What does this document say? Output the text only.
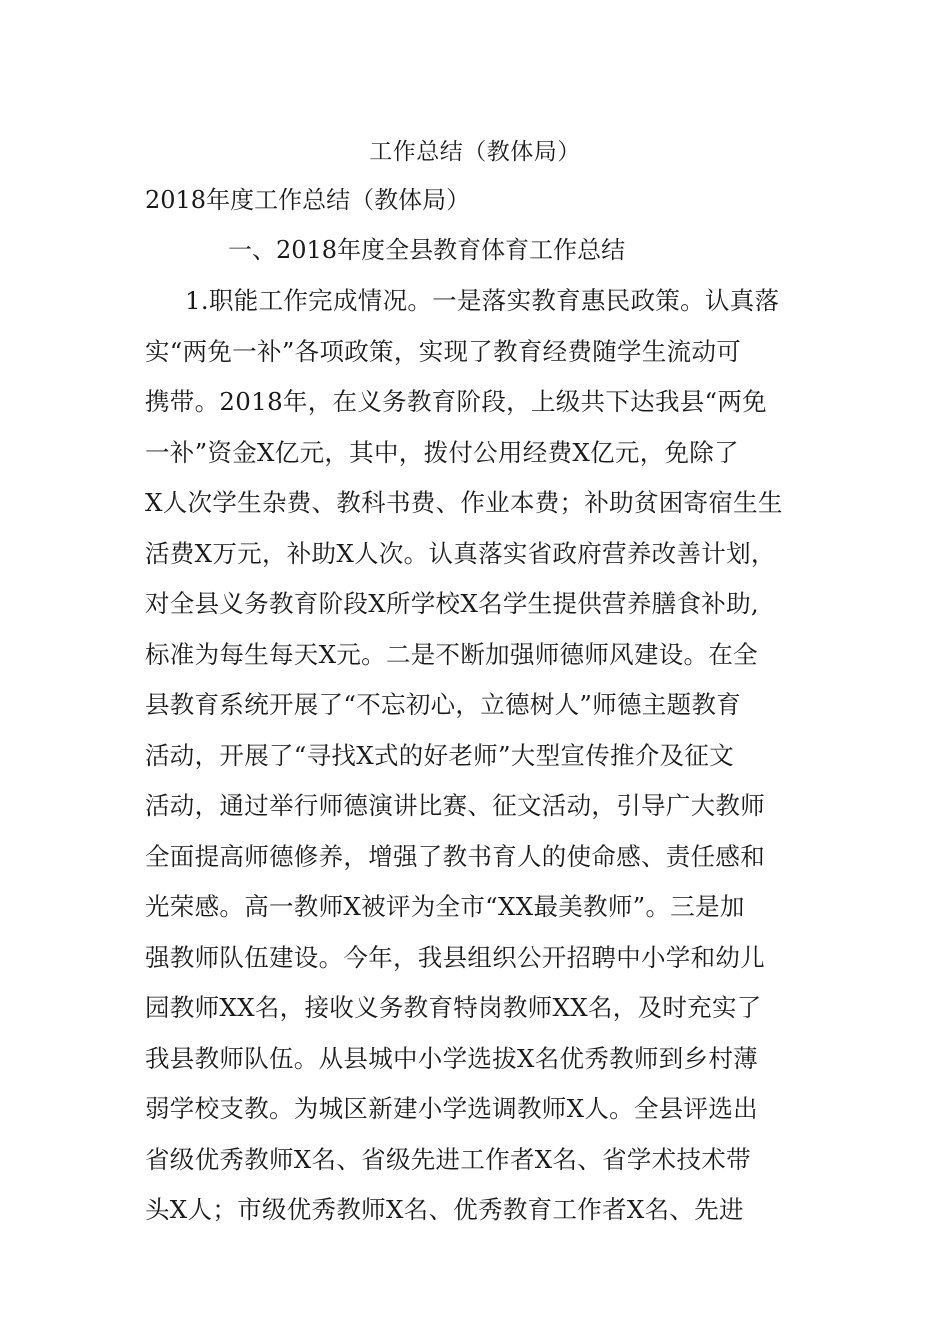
工作总结（教体局）
2018年度工作总结（教体局）
一、2018年度全县教育体育工作总结
1.职能工作完成情况。一是落实教育惠民政策。认真落
实“两免一补”各项政策，实现了教育经费随学生流动可
携带。2018年，在义务教育阶段，上级共下达我县“两免
一补”资金X亿元，其中，拨付公用经费X亿元，免除了
X人次学生杂费、教科书费、作业本费；补助贫困寄宿生生
活费X万元，补助X人次。认真落实省政府营养改善计划，
对全县义务教育阶段X所学校X名学生提供营养膳食补助,
标准为每生每天X元。二是不断加强师德师风建设。在全
县教育系统开展了“不忘初心，立德树人”师德主题教育
活动，开展了“寻找X式的好老师”大型宣传推介及征文
活动，通过举行师德演讲比赛、征文活动，引导广大教师
全面提高师德修养，增强了教书育人的使命感、责任感和
光荣感。高一教师X被评为全市“XX最美教师”。三是加
强教师队伍建设。今年，我县组织公开招聘中小学和幼儿
园教师XX名，接收义务教育特岗教师XX名，及时充实了
我县教师队伍。从县城中小学选拔X名优秀教师到乡村薄
弱学校支教。为城区新建小学选调教师X人。全县评选出
省级优秀教师X名、省级先进工作者X名、省学术技术带
头X人；市级优秀教师X名、优秀教育工作者X名、先进
